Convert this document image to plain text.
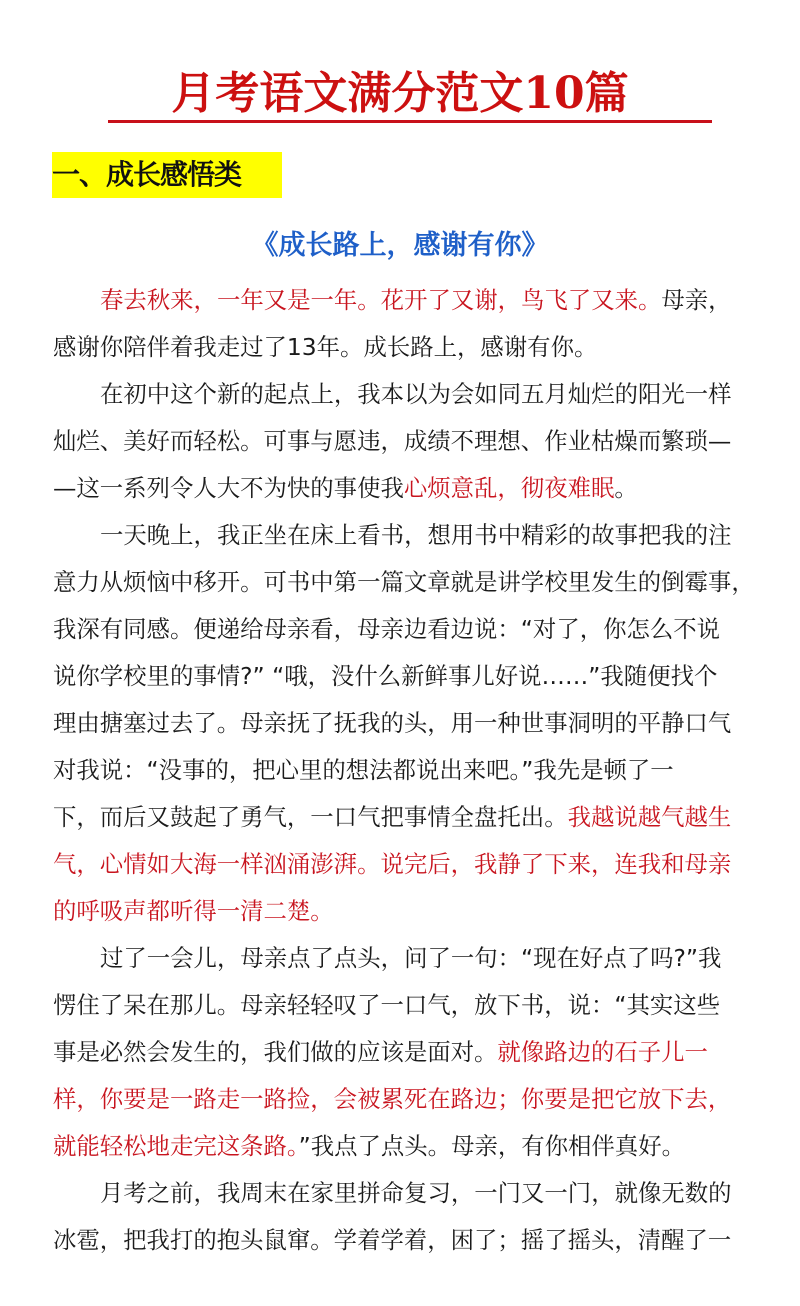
月考语文满分范文10篇
一、成长感悟类
《成长路上，感谢有你》
春去秋来，一年又是一年。花开了又谢，鸟飞了又来。母亲，
感谢你陪伴着我走过了13年。成长路上，感谢有你。
在初中这个新的起点上，我本以为会如同五月灿烂的阳光一样
灿烂、美好而轻松。可事与愿违，成绩不理想、作业枯燥而繁琐—
—这一系列令人大不为快的事使我心烦意乱，彻夜难眠。
一天晚上，我正坐在床上看书，想用书中精彩的故事把我的注
意力从烦恼中移开。可书中第一篇文章就是讲学校里发生的倒霉事，
我深有同感。便递给母亲看，母亲边看边说：“对了，你怎么不说
说你学校里的事情?” “哦，没什么新鲜事儿好说……”我随便找个
理由搪塞过去了。母亲抚了抚我的头，用一种世事洞明的平静口气
对我说：“没事的，把心里的想法都说出来吧。”我先是顿了一
下，而后又鼓起了勇气，一口气把事情全盘托出。我越说越气越生
气，心情如大海一样汹涌澎湃。说完后，我静了下来，连我和母亲
的呼吸声都听得一清二楚。
过了一会儿，母亲点了点头，问了一句：“现在好点了吗?”我
愣住了呆在那儿。母亲轻轻叹了一口气，放下书，说：“其实这些
事是必然会发生的，我们做的应该是面对。就像路边的石子儿一
样，你要是一路走一路捡，会被累死在路边；你要是把它放下去，
就能轻松地走完这条路。”我点了点头。母亲，有你相伴真好。
月考之前，我周末在家里拼命复习，一门又一门，就像无数的
冰雹，把我打的抱头鼠窜。学着学着，困了；摇了摇头，清醒了一
